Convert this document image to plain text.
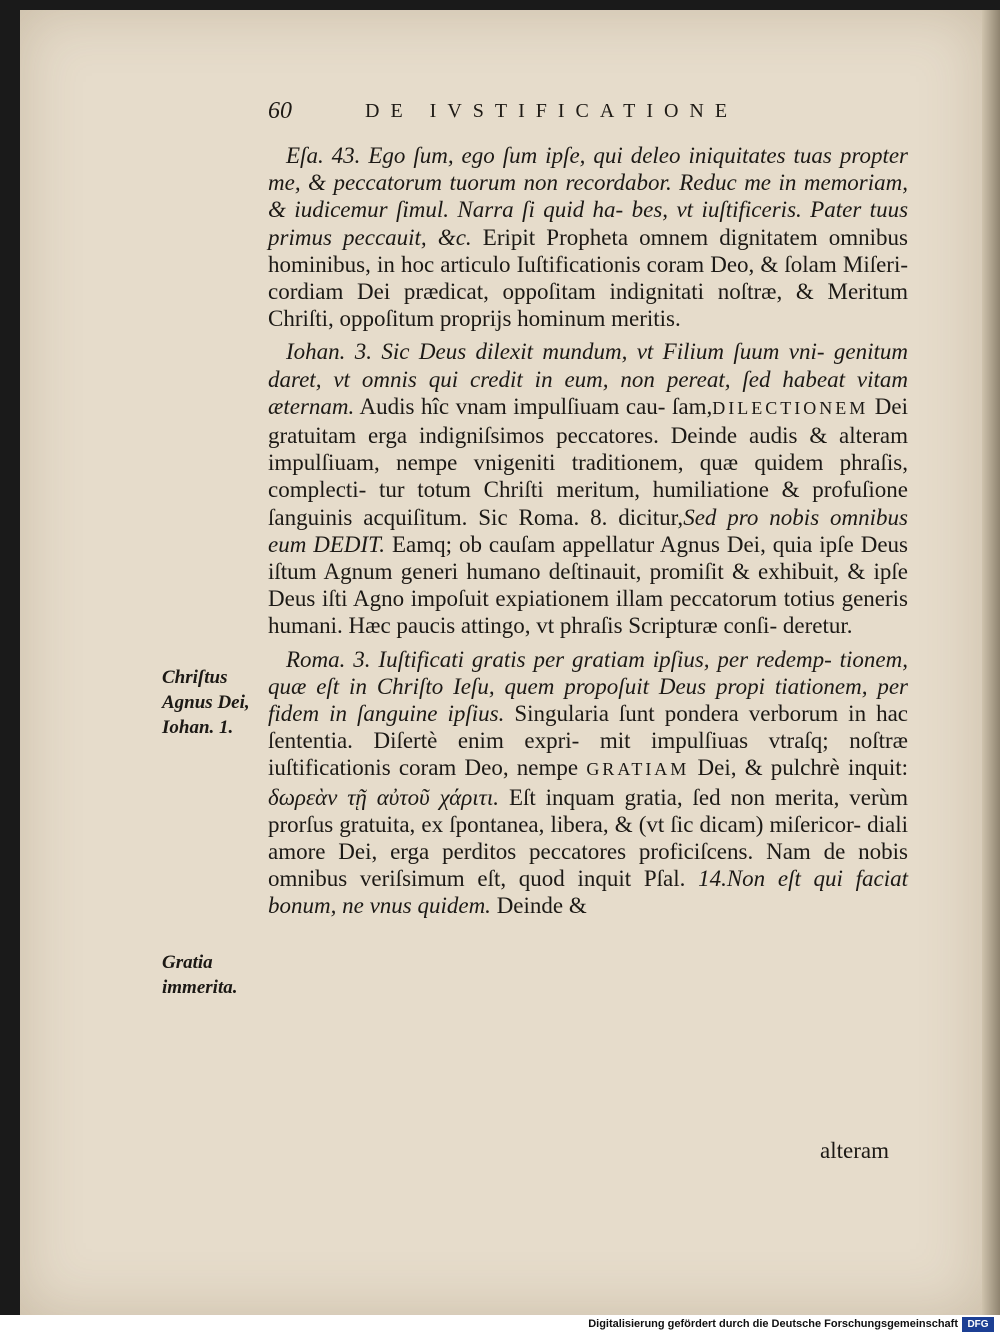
60	DE IVSTIFICATIONE

Eſa. 43. Ego ſum, ego ſum ipſe, qui deleo iniquitates tuas propter me, & peccatorum tuorum non recordabor. Reduc me in memoriam, & iudicemur ſimul. Narra ſi quid ha- bes, vt iuſtificeris. Pater tuus primus peccauit, &c. Eripit Propheta omnem dignitatem omnibus hominibus, in hoc articulo Iuſtificationis coram Deo, & ſolam Miſeri- cordiam Dei prædicat, oppoſitam indignitati noſtræ, & Meritum Chriſti, oppoſitum proprijs hominum meritis.

Iohan. 3. Sic Deus dilexit mundum, vt Filium ſuum vni- genitum daret, vt omnis qui credit in eum, non pereat, ſed habeat vitam æternam. Audis hîc vnam impulſiuam cau- ſam,DILECTIONEM Dei gratuitam erga indigniſsimos peccatores. Deinde audis & alteram impulſiuam, nempe vnigeniti traditionem, quæ quidem phraſis, complecti- tur totum Chriſti meritum, humiliatione & profuſione ſanguinis acquiſitum. Sic Roma. 8. dicitur,Sed pro nobis omnibus eum DEDIT. Eamq; ob cauſam appellatur Agnus Dei, quia ipſe Deus iſtum Agnum generi humano deſtinauit, promiſit & exhibuit, & ipſe Deus iſti Agno impoſuit expiationem illam peccatorum totius generis humani. Hæc paucis attingo, vt phraſis Scripturæ conſi- deretur.

Roma. 3. Iuſtificati gratis per gratiam ipſius, per redemp- tionem, quæ eſt in Chriſto Ieſu, quem propoſuit Deus propi tiationem, per fidem in ſanguine ipſius. Singularia ſunt pondera verborum in hac ſententia. Diſertè enim expri- mit impulſiuas vtraſq; noſtræ iuſtificationis coram Deo, nempe GRATIAM Dei, & pulchrè inquit: δωρεὰν τῇ αὐτοῦ χάριτι. Eſt inquam gratia, ſed non merita, verùm prorſus gratuita, ex ſpontanea, libera, & (vt ſic dicam) miſericor- diali amore Dei, erga perditos peccatores proficiſcens. Nam de nobis omnibus veriſsimum eſt, quod inquit Pſal. 14.Non eſt qui faciat bonum, ne vnus quidem. Deinde &

alteram
Chriſtus Agnus Dei, Iohan. 1.
Gratia immerita.
Digitalisierung gefördert durch die Deutsche Forschungsgemeinschaft DFG
